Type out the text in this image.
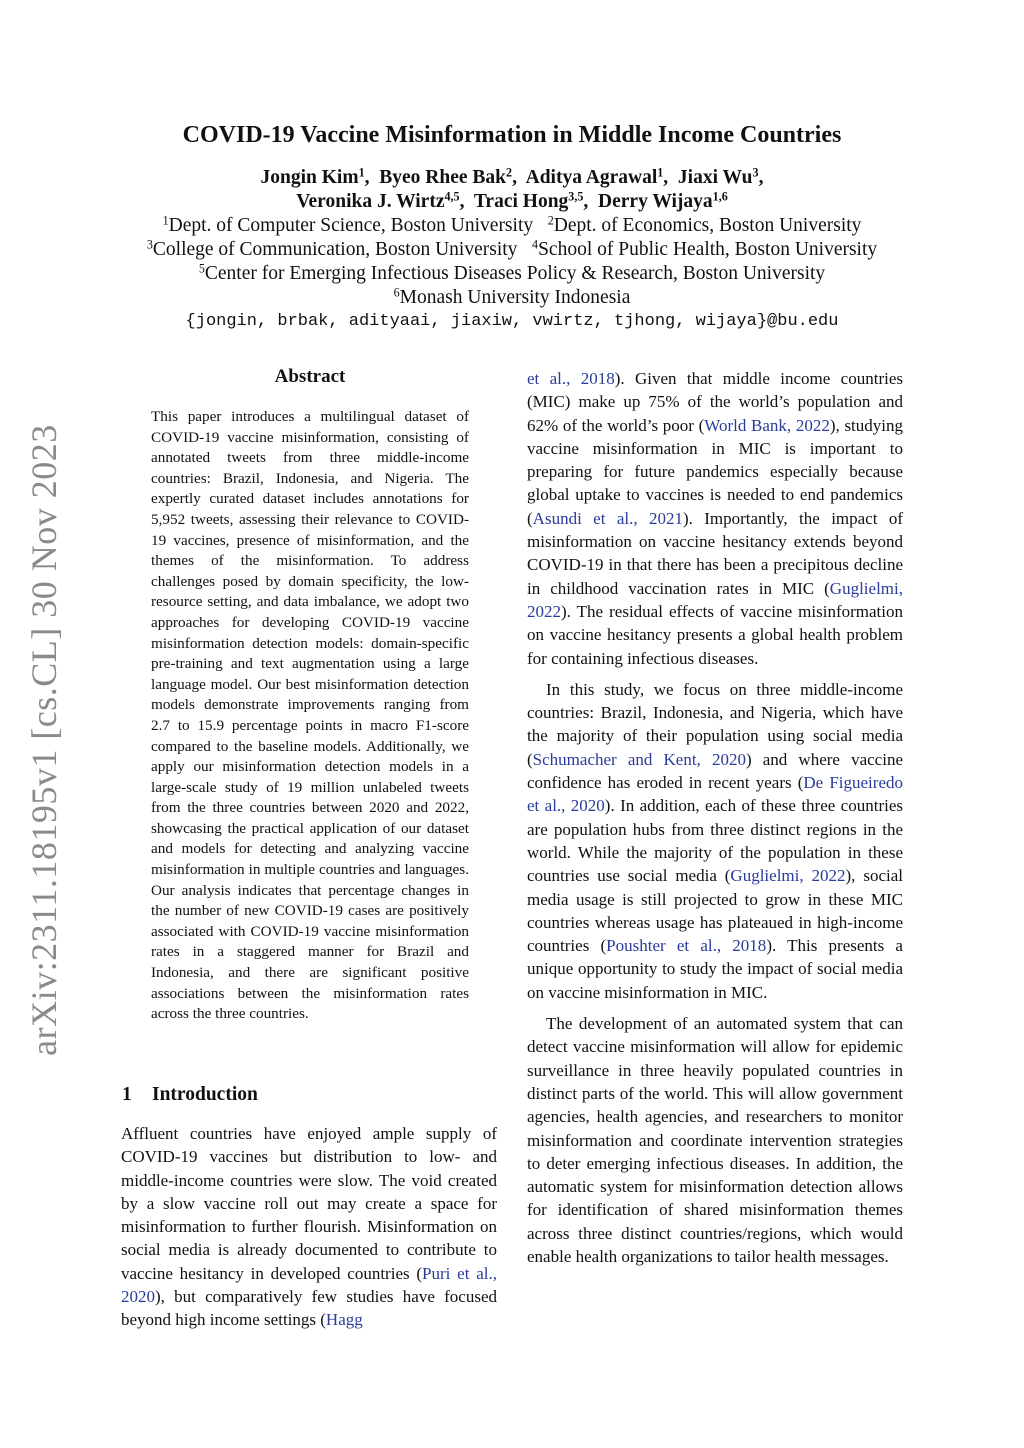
arXiv:2311.18195v1 [cs.CL] 30 Nov 2023
COVID-19 Vaccine Misinformation in Middle Income Countries
Jongin Kim$^1$,  Byeo Rhee Bak$^2$,  Aditya Agrawal$^1$,  Jiaxi Wu$^3$,
Veronika J. Wirtz$^{4,5}$,  Traci Hong$^{3,5}$,  Derry Wijaya$^{1,6}$
$^1$Dept. of Computer Science, Boston University $^2$Dept. of Economics, Boston University
$^3$College of Communication, Boston University $^4$School of Public Health, Boston University
$^5$Center for Emerging Infectious Diseases Policy & Research, Boston University
$^6$Monash University Indonesia
{jongin, brbak, adityaai, jiaxiw, vwirtz, tjhong, wijaya}@bu.edu
Abstract
This paper introduces a multilingual dataset of COVID-19 vaccine misinformation, consisting of annotated tweets from three middle-income countries: Brazil, Indonesia, and Nigeria. The expertly curated dataset includes annotations for 5,952 tweets, assessing their relevance to COVID-19 vaccines, presence of misinformation, and the themes of the misinformation. To address challenges posed by domain specificity, the low-resource setting, and data imbalance, we adopt two approaches for developing COVID-19 vaccine misinformation detection models: domain-specific pre-training and text augmentation using a large language model. Our best misinformation detection models demonstrate improvements ranging from 2.7 to 15.9 percentage points in macro F1-score compared to the baseline models. Additionally, we apply our misinformation detection models in a large-scale study of 19 million unlabeled tweets from the three countries between 2020 and 2022, showcasing the practical application of our dataset and models for detecting and analyzing vaccine misinformation in multiple countries and languages. Our analysis indicates that percentage changes in the number of new COVID-19 cases are positively associated with COVID-19 vaccine misinformation rates in a staggered manner for Brazil and Indonesia, and there are significant positive associations between the misinformation rates across the three countries.
1 Introduction

Affluent countries have enjoyed ample supply of COVID-19 vaccines but distribution to low- and middle-income countries were slow. The void created by a slow vaccine roll out may create a space for misinformation to further flourish. Misinformation on social media is already documented to contribute to vaccine hesitancy in developed countries (Puri et al., 2020), but comparatively few studies have focused beyond high income settings (Hagg

et al., 2018). Given that middle income countries (MIC) make up 75% of the world’s population and 62% of the world’s poor (World Bank, 2022), studying vaccine misinformation in MIC is important to preparing for future pandemics especially because global uptake to vaccines is needed to end pandemics (Asundi et al., 2021). Importantly, the impact of misinformation on vaccine hesitancy extends beyond COVID-19 in that there has been a precipitous decline in childhood vaccination rates in MIC (Guglielmi, 2022). The residual effects of vaccine misinformation on vaccine hesitancy presents a global health problem for containing infectious diseases.

In this study, we focus on three middle-income countries: Brazil, Indonesia, and Nigeria, which have the majority of their population using social media (Schumacher and Kent, 2020) and where vaccine confidence has eroded in recent years (De Figueiredo et al., 2020). In addition, each of these three countries are population hubs from three distinct regions in the world. While the majority of the population in these countries use social media (Guglielmi, 2022), social media usage is still projected to grow in these MIC countries whereas usage has plateaued in high-income countries (Poushter et al., 2018). This presents a unique opportunity to study the impact of social media on vaccine misinformation in MIC.

The development of an automated system that can detect vaccine misinformation will allow for epidemic surveillance in three heavily populated countries in distinct parts of the world. This will allow government agencies, health agencies, and researchers to monitor misinformation and coordinate intervention strategies to deter emerging infectious diseases. In addition, the automatic system for misinformation detection allows for identification of shared misinformation themes across three distinct countries/regions, which would enable health organizations to tailor health messages.
